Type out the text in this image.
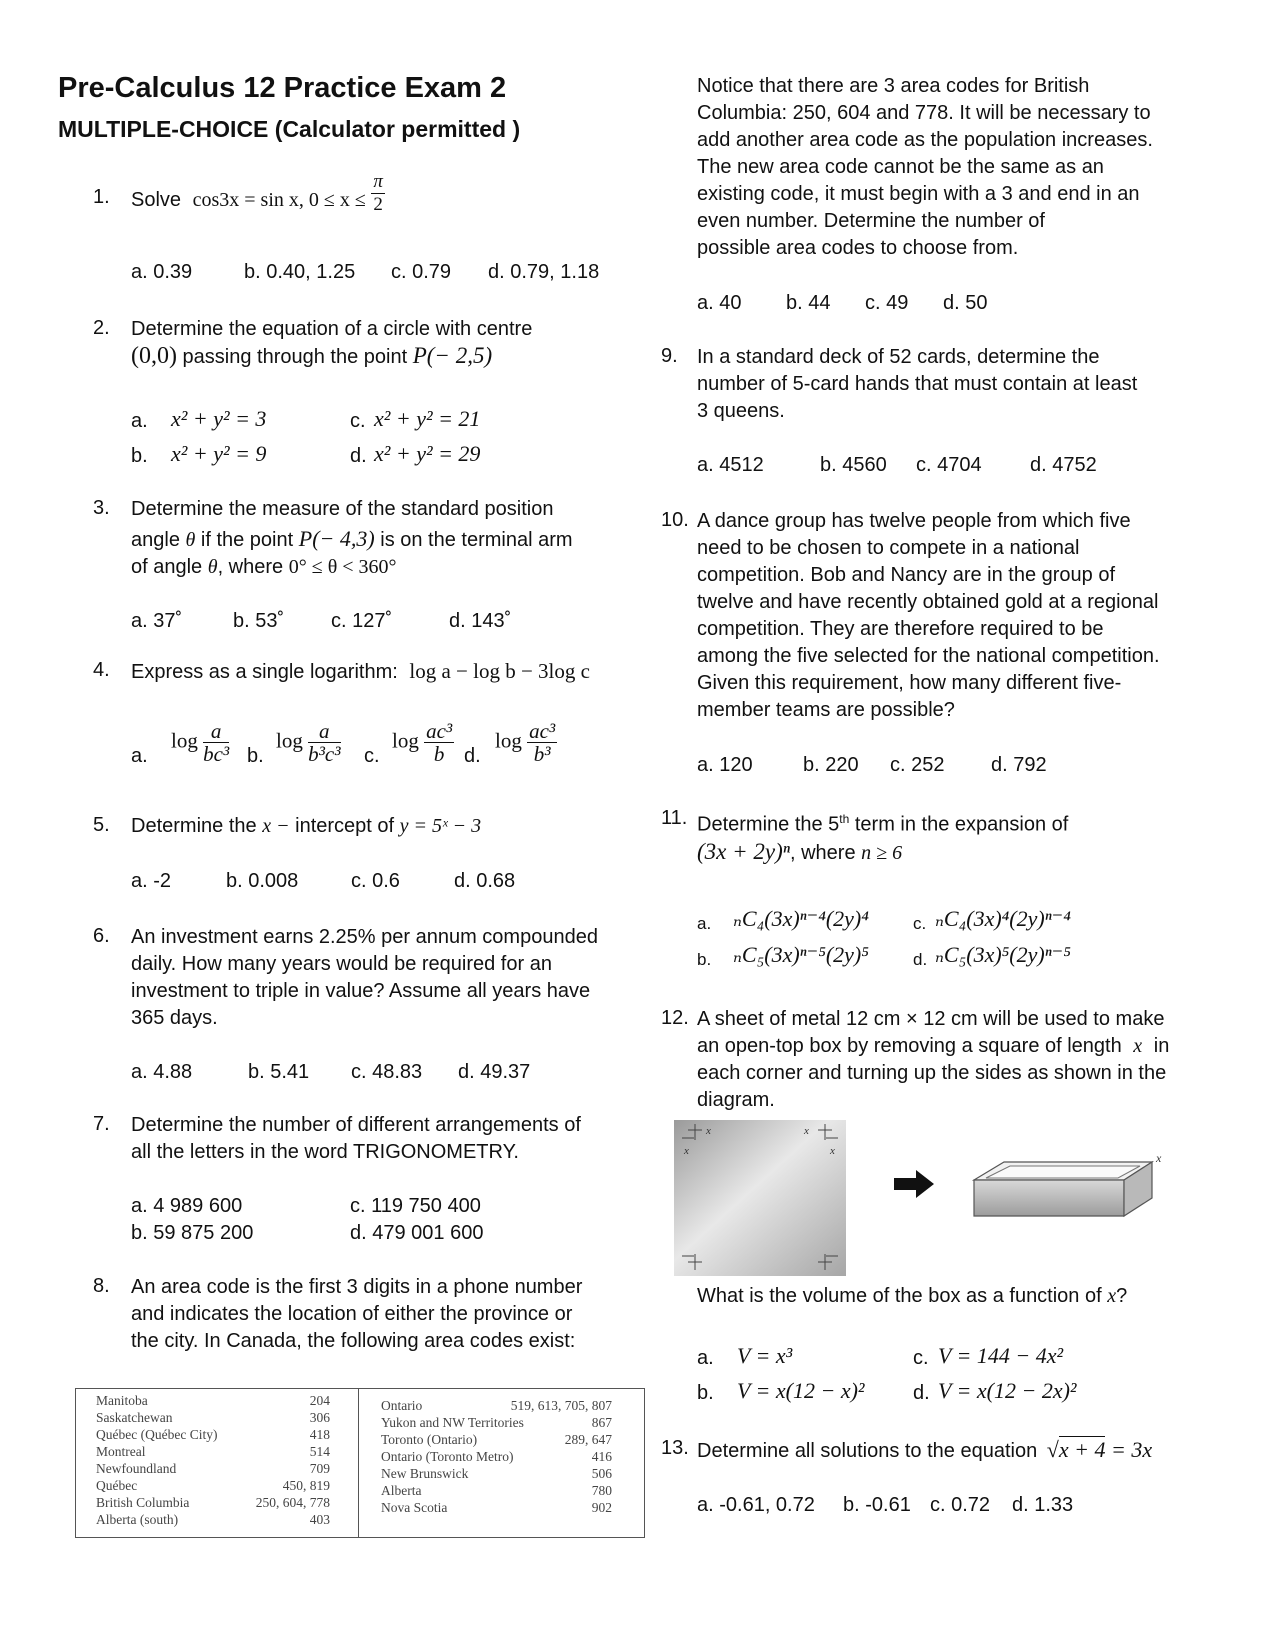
Pre-Calculus 12 Practice Exam 2
MULTIPLE-CHOICE (Calculator permitted )
1. Solve cos3x = sin x, $0 \le x \le \frac{\pi}{2}$
a. 0.39	b. 0.40, 1.25 c. 0.79 d. 0.79, 1.18
2. Determine the equation of a circle with centre
(0,0) passing through the point P(− 2,5)
a. x² + y² = 3
b. x² + y² = 9
c. x² + y² = 21
d. x² + y² = 29
3. Determine the measure of the standard position
angle θ if the point P(− 4,3) is on the terminal arm
of angle θ, where 0° ≤ θ < 360°
a. 37˚	b. 53˚ c. 127˚	d. 143˚
4. Express as a single logarithm: log a − log b − 3log c
a.
$\log \frac{a}{\text{bc³}} b$.
$\log \frac{a}{\text{b³c³}} c$.
$\log \frac{\text{ac³}}{b} d$.
$\log \frac{\text{ac³}}{\text{b³}}$
5. Determine the x − intercept of y = 5ˣ − 3
a. -2	b. 0.008	c. 0.6	d. 0.68
6. An investment earns 2.25% per annum compounded
daily. How many years would be required for an
investment to triple in value? Assume all years have
365 days.
a. 4.88	b. 5.41 c. 48.83 d. 49.37
7. Determine the number of different arrangements of
all the letters in the word TRIGONOMETRY.
a. 4 989 600
b. 59 875 200
c. 119 750 400
d. 479 001 600
8. An area code is the first 3 digits in a phone number
and indicates the location of either the province or
the city. In Canada, the following area codes exist:
Manitoba	204
Saskatchewan	306
Québec (Québec City)	418
Montreal	514
Newfoundland	709
Québec	450, 819
British Columbia	250, 604, 778
Alberta (south)	403
Ontario	519, 613, 705, 807
Yukon and NW Territories	867
Toronto (Ontario)	289, 647
Ontario (Toronto Metro)	416
New Brunswick	506
Alberta	780
Nova Scotia	902
Notice that there are 3 area codes for British
Columbia: 250, 604 and 778. It will be necessary to
add another area code as the population increases.
The new area code cannot be the same as an
existing code, it must begin with a 3 and end in an
even number. Determine the number of
possible area codes to choose from.
a. 40 b. 44 c. 49 d. 50
9. In a standard deck of 52 cards, determine the
number of 5-card hands that must contain at least
3 queens.
a. 4512	b. 4560 c. 4704 d. 4752
10. A dance group has twelve people from which five
need to be chosen to compete in a national
competition. Bob and Nancy are in the group of
twelve and have recently obtained gold at a regional
competition. They are therefore required to be
among the five selected for the national competition.
Given this requirement, how many different five-
member teams are possible?
a. 120	b. 220 c. 252 d. 792
11. Determine the 5th term in the expansion of
(3x + 2y)ⁿ, where n ≥ 6
a. ₙC₄(3x)ⁿ⁻⁴(2y)⁴
b. ₙC₅(3x)ⁿ⁻⁵(2y)⁵
c. ₙC₄(3x)⁴(2y)ⁿ⁻⁴
d. ₙC₅(3x)⁵(2y)ⁿ⁻⁵
12. A sheet of metal 12 cm × 12 cm will be used to make
an open-top box by removing a square of length x in
each corner and turning up the sides as shown in the
diagram.
x	x
x	x	x
What is the volume of the box as a function of x?
a. V = x³
b. V = x(12 − x)²
c. V = 144 − 4x²
d. V = x(12 − 2x)²
13. Determine all solutions to the equation √x + 4 = 3x
a. -0.61, 0.72 b. -0.61 c. 0.72 d. 1.33
